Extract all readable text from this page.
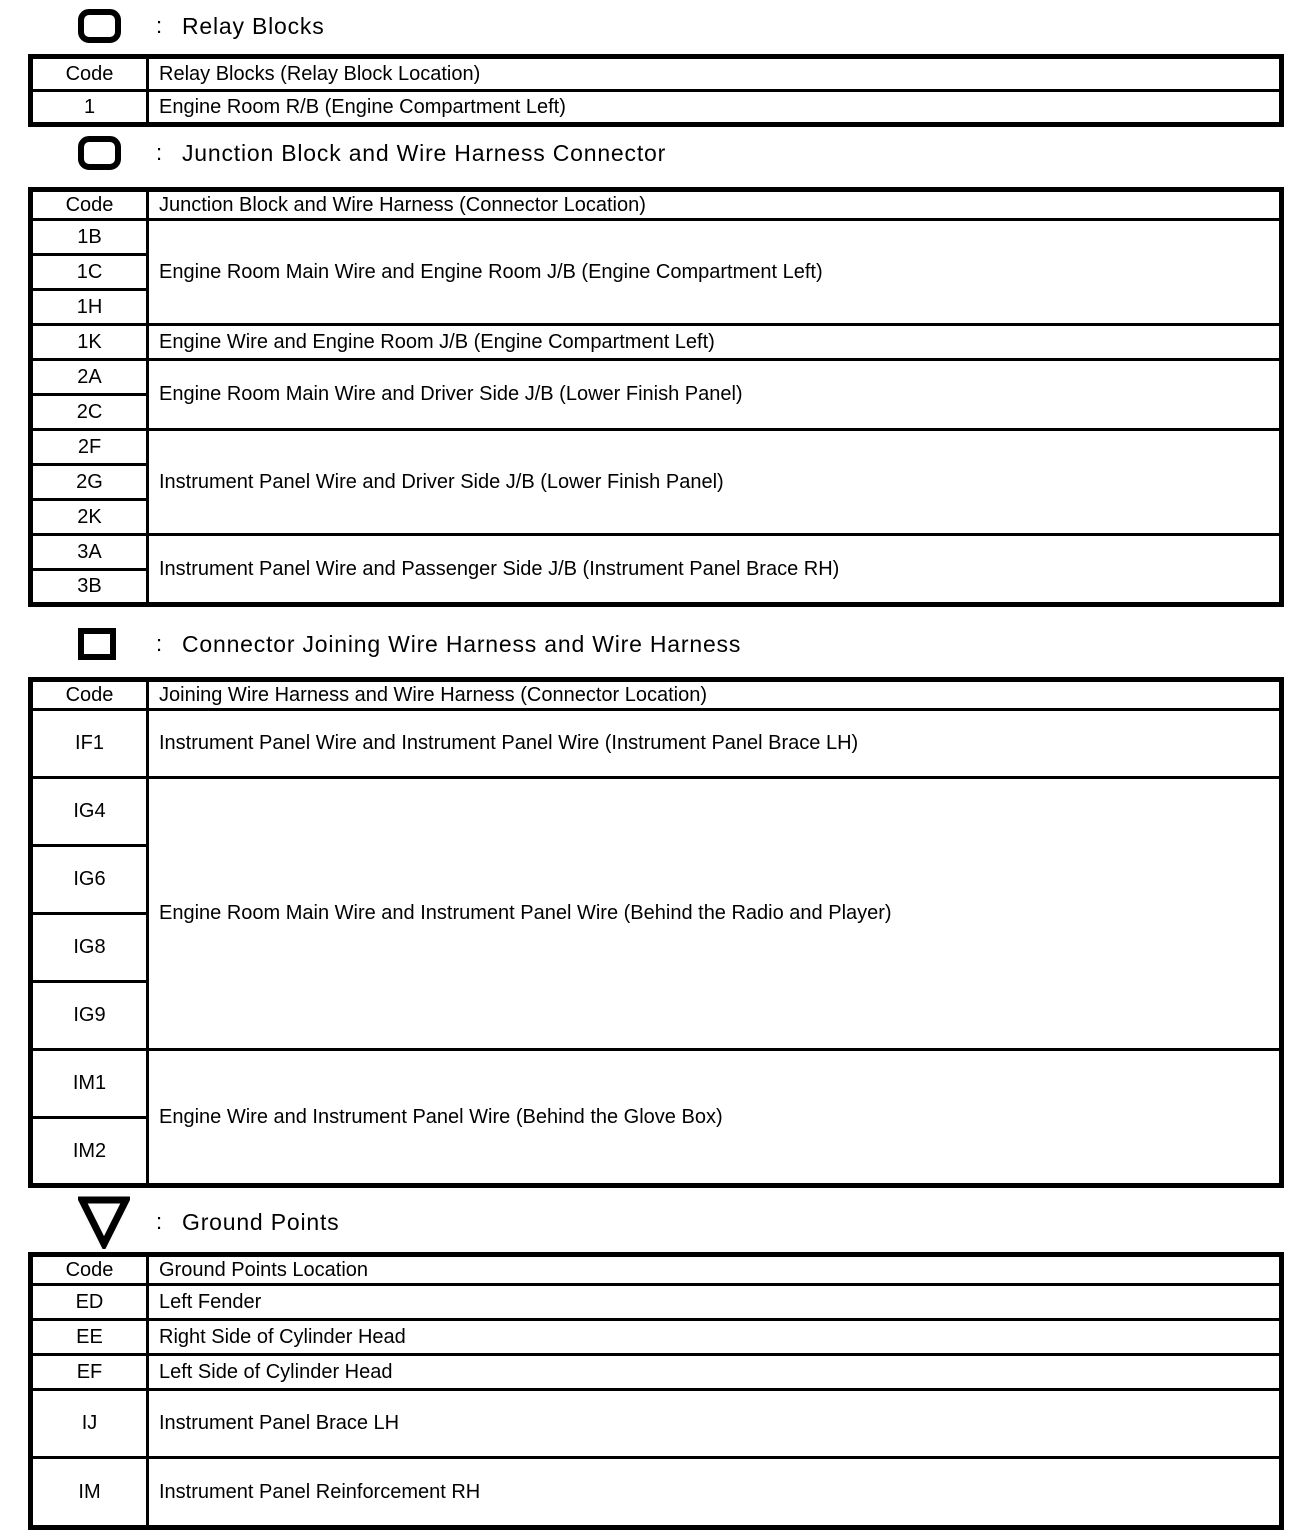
: Relay Blocks
Code	Relay Blocks (Relay Block Location)
1	Engine Room R/B (Engine Compartment Left)
: Junction Block and Wire Harness Connector
Code	Junction Block and Wire Harness (Connector Location)
1B	Engine Room Main Wire and Engine Room J/B (Engine Compartment Left)
1C	
1H	
1K	Engine Wire and Engine Room J/B (Engine Compartment Left)
2A	Engine Room Main Wire and Driver Side J/B (Lower Finish Panel)
2C	
2F	Instrument Panel Wire and Driver Side J/B (Lower Finish Panel)
2G	
2K	
3A	Instrument Panel Wire and Passenger Side J/B (Instrument Panel Brace RH)
3B	
: Connector Joining Wire Harness and Wire Harness
Code	Joining Wire Harness and Wire Harness (Connector Location)
IF1	Instrument Panel Wire and Instrument Panel Wire (Instrument Panel Brace LH)
IG4	Engine Room Main Wire and Instrument Panel Wire (Behind the Radio and Player)
IG6	
IG8	
IG9	
IM1	Engine Wire and Instrument Panel Wire (Behind the Glove Box)
IM2	
: Ground Points
Code	Ground Points Location
ED	Left Fender
EE	Right Side of Cylinder Head
EF	Left Side of Cylinder Head
IJ	Instrument Panel Brace LH
IM	Instrument Panel Reinforcement RH
